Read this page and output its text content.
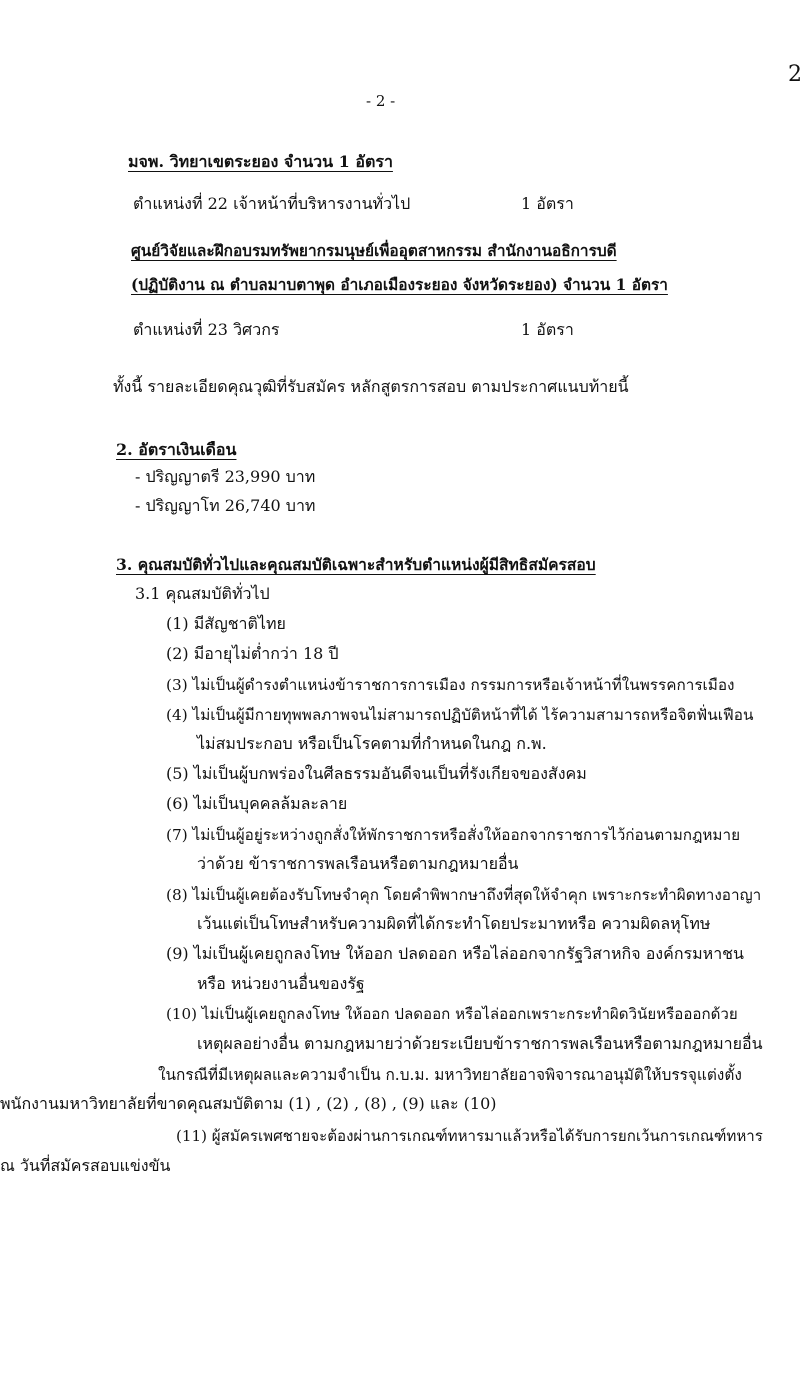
2
- 2 -
มจพ. วิทยาเขตระยอง จำนวน 1 อัตรา
ตำแหน่งที่ 22 เจ้าหน้าที่บริหารงานทั่วไป	1 อัตรา
ศูนย์วิจัยและฝึกอบรมทรัพยากรมนุษย์เพื่ออุตสาหกรรม สำนักงานอธิการบดี
(ปฏิบัติงาน ณ ตำบลมาบตาพุด อำเภอเมืองระยอง จังหวัดระยอง) จำนวน 1 อัตรา
ตำแหน่งที่ 23 วิศวกร	1 อัตรา
ทั้งนี้ รายละเอียดคุณวุฒิที่รับสมัคร หลักสูตรการสอบ ตามประกาศแนบท้ายนี้
2. อัตราเงินเดือน
- ปริญญาตรี 23,990 บาท
- ปริญญาโท 26,740 บาท
3. คุณสมบัติทั่วไปและคุณสมบัติเฉพาะสำหรับตำแหน่งผู้มีสิทธิสมัครสอบ
3.1 คุณสมบัติทั่วไป
(1) มีสัญชาติไทย
(2) มีอายุไม่ต่ำกว่า 18 ปี
(3) ไม่เป็นผู้ดำรงตำแหน่งข้าราชการการเมือง กรรมการหรือเจ้าหน้าที่ในพรรคการเมือง
(4) ไม่เป็นผู้มีกายทุพพลภาพจนไม่สามารถปฏิบัติหน้าที่ได้ ไร้ความสามารถหรือจิตฟั่นเฟือน
ไม่สมประกอบ หรือเป็นโรคตามที่กำหนดในกฎ ก.พ.
(5) ไม่เป็นผู้บกพร่องในศีลธรรมอันดีจนเป็นที่รังเกียจของสังคม
(6) ไม่เป็นบุคคลล้มละลาย
(7) ไม่เป็นผู้อยู่ระหว่างถูกสั่งให้พักราชการหรือสั่งให้ออกจากราชการไว้ก่อนตามกฎหมาย
ว่าด้วย ข้าราชการพลเรือนหรือตามกฎหมายอื่น
(8) ไม่เป็นผู้เคยต้องรับโทษจำคุก โดยคำพิพากษาถึงที่สุดให้จำคุก เพราะกระทำผิดทางอาญา
เว้นแต่เป็นโทษสำหรับความผิดที่ได้กระทำโดยประมาทหรือ ความผิดลหุโทษ
(9) ไม่เป็นผู้เคยถูกลงโทษ ให้ออก ปลดออก หรือไล่ออกจากรัฐวิสาหกิจ องค์กรมหาชน
หรือ หน่วยงานอื่นของรัฐ
(10) ไม่เป็นผู้เคยถูกลงโทษ ให้ออก ปลดออก หรือไล่ออกเพราะกระทำผิดวินัยหรือออกด้วย
เหตุผลอย่างอื่น ตามกฎหมายว่าด้วยระเบียบข้าราชการพลเรือนหรือตามกฎหมายอื่น
ในกรณีที่มีเหตุผลและความจำเป็น ก.บ.ม. มหาวิทยาลัยอาจพิจารณาอนุมัติให้บรรจุแต่งตั้ง
พนักงานมหาวิทยาลัยที่ขาดคุณสมบัติตาม (1) , (2) , (8) , (9) และ (10)
(11) ผู้สมัครเพศชายจะต้องผ่านการเกณฑ์ทหารมาแล้วหรือได้รับการยกเว้นการเกณฑ์ทหาร
ณ วันที่สมัครสอบแข่งขัน
